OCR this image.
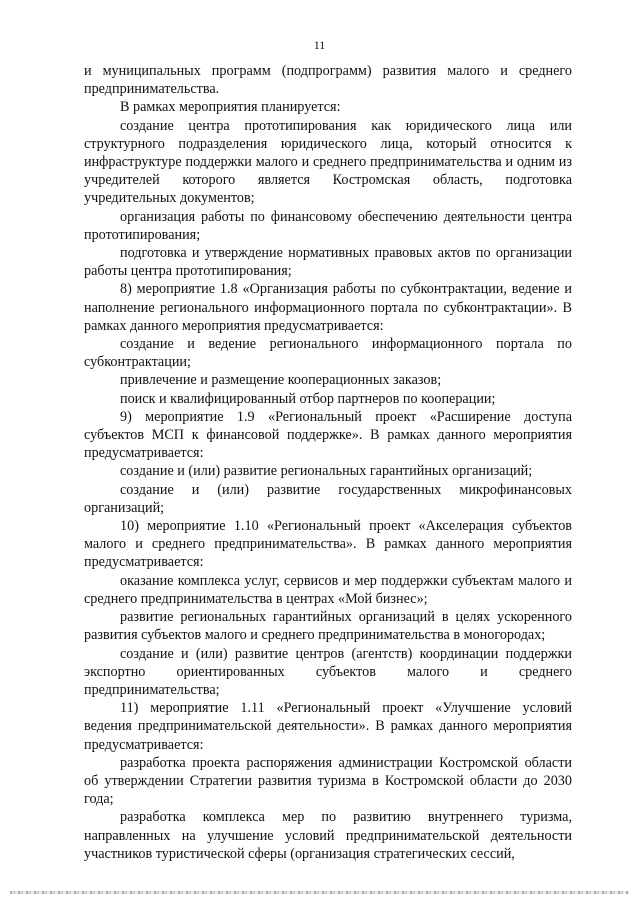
11

и муниципальных программ (подпрограмм) развития малого и среднего предпринимательства.

В рамках мероприятия планируется:

создание центра прототипирования как юридического лица или структурного подразделения юридического лица, который относится к инфраструктуре поддержки малого и среднего предпринимательства и одним из учредителей которого является Костромская область, подготовка учредительных документов;

организация работы по финансовому обеспечению деятельности центра прототипирования;

подготовка и утверждение нормативных правовых актов по организации работы центра прототипирования;

8) мероприятие 1.8 «Организация работы по субконтрактации, ведение и наполнение регионального информационного портала по субконтрактации». В рамках данного мероприятия предусматривается:

создание и ведение регионального информационного портала по субконтрактации;

привлечение и размещение кооперационных заказов;

поиск и квалифицированный отбор партнеров по кооперации;

9) мероприятие 1.9 «Региональный проект «Расширение доступа субъектов МСП к финансовой поддержке». В рамках данного мероприятия предусматривается:

создание и (или) развитие региональных гарантийных организаций;

создание и (или) развитие государственных микрофинансовых организаций;

10) мероприятие 1.10 «Региональный проект «Акселерация субъектов малого и среднего предпринимательства». В рамках данного мероприятия предусматривается:

оказание комплекса услуг, сервисов и мер поддержки субъектам малого и среднего предпринимательства в центрах «Мой бизнес»;

развитие региональных гарантийных организаций в целях ускоренного развития субъектов малого и среднего предпринимательства в моногородах;

создание и (или) развитие центров (агентств) координации поддержки экспортно ориентированных субъектов малого и среднего предпринимательства;

11) мероприятие 1.11 «Региональный проект «Улучшение условий ведения предпринимательской деятельности». В рамках данного мероприятия предусматривается:

разработка проекта распоряжения администрации Костромской области об утверждении Стратегии развития туризма в Костромской области до 2030 года;

разработка комплекса мер по развитию внутреннего туризма, направленных на улучшение условий предпринимательской деятельности участников туристической сферы (организация стратегических сессий,
